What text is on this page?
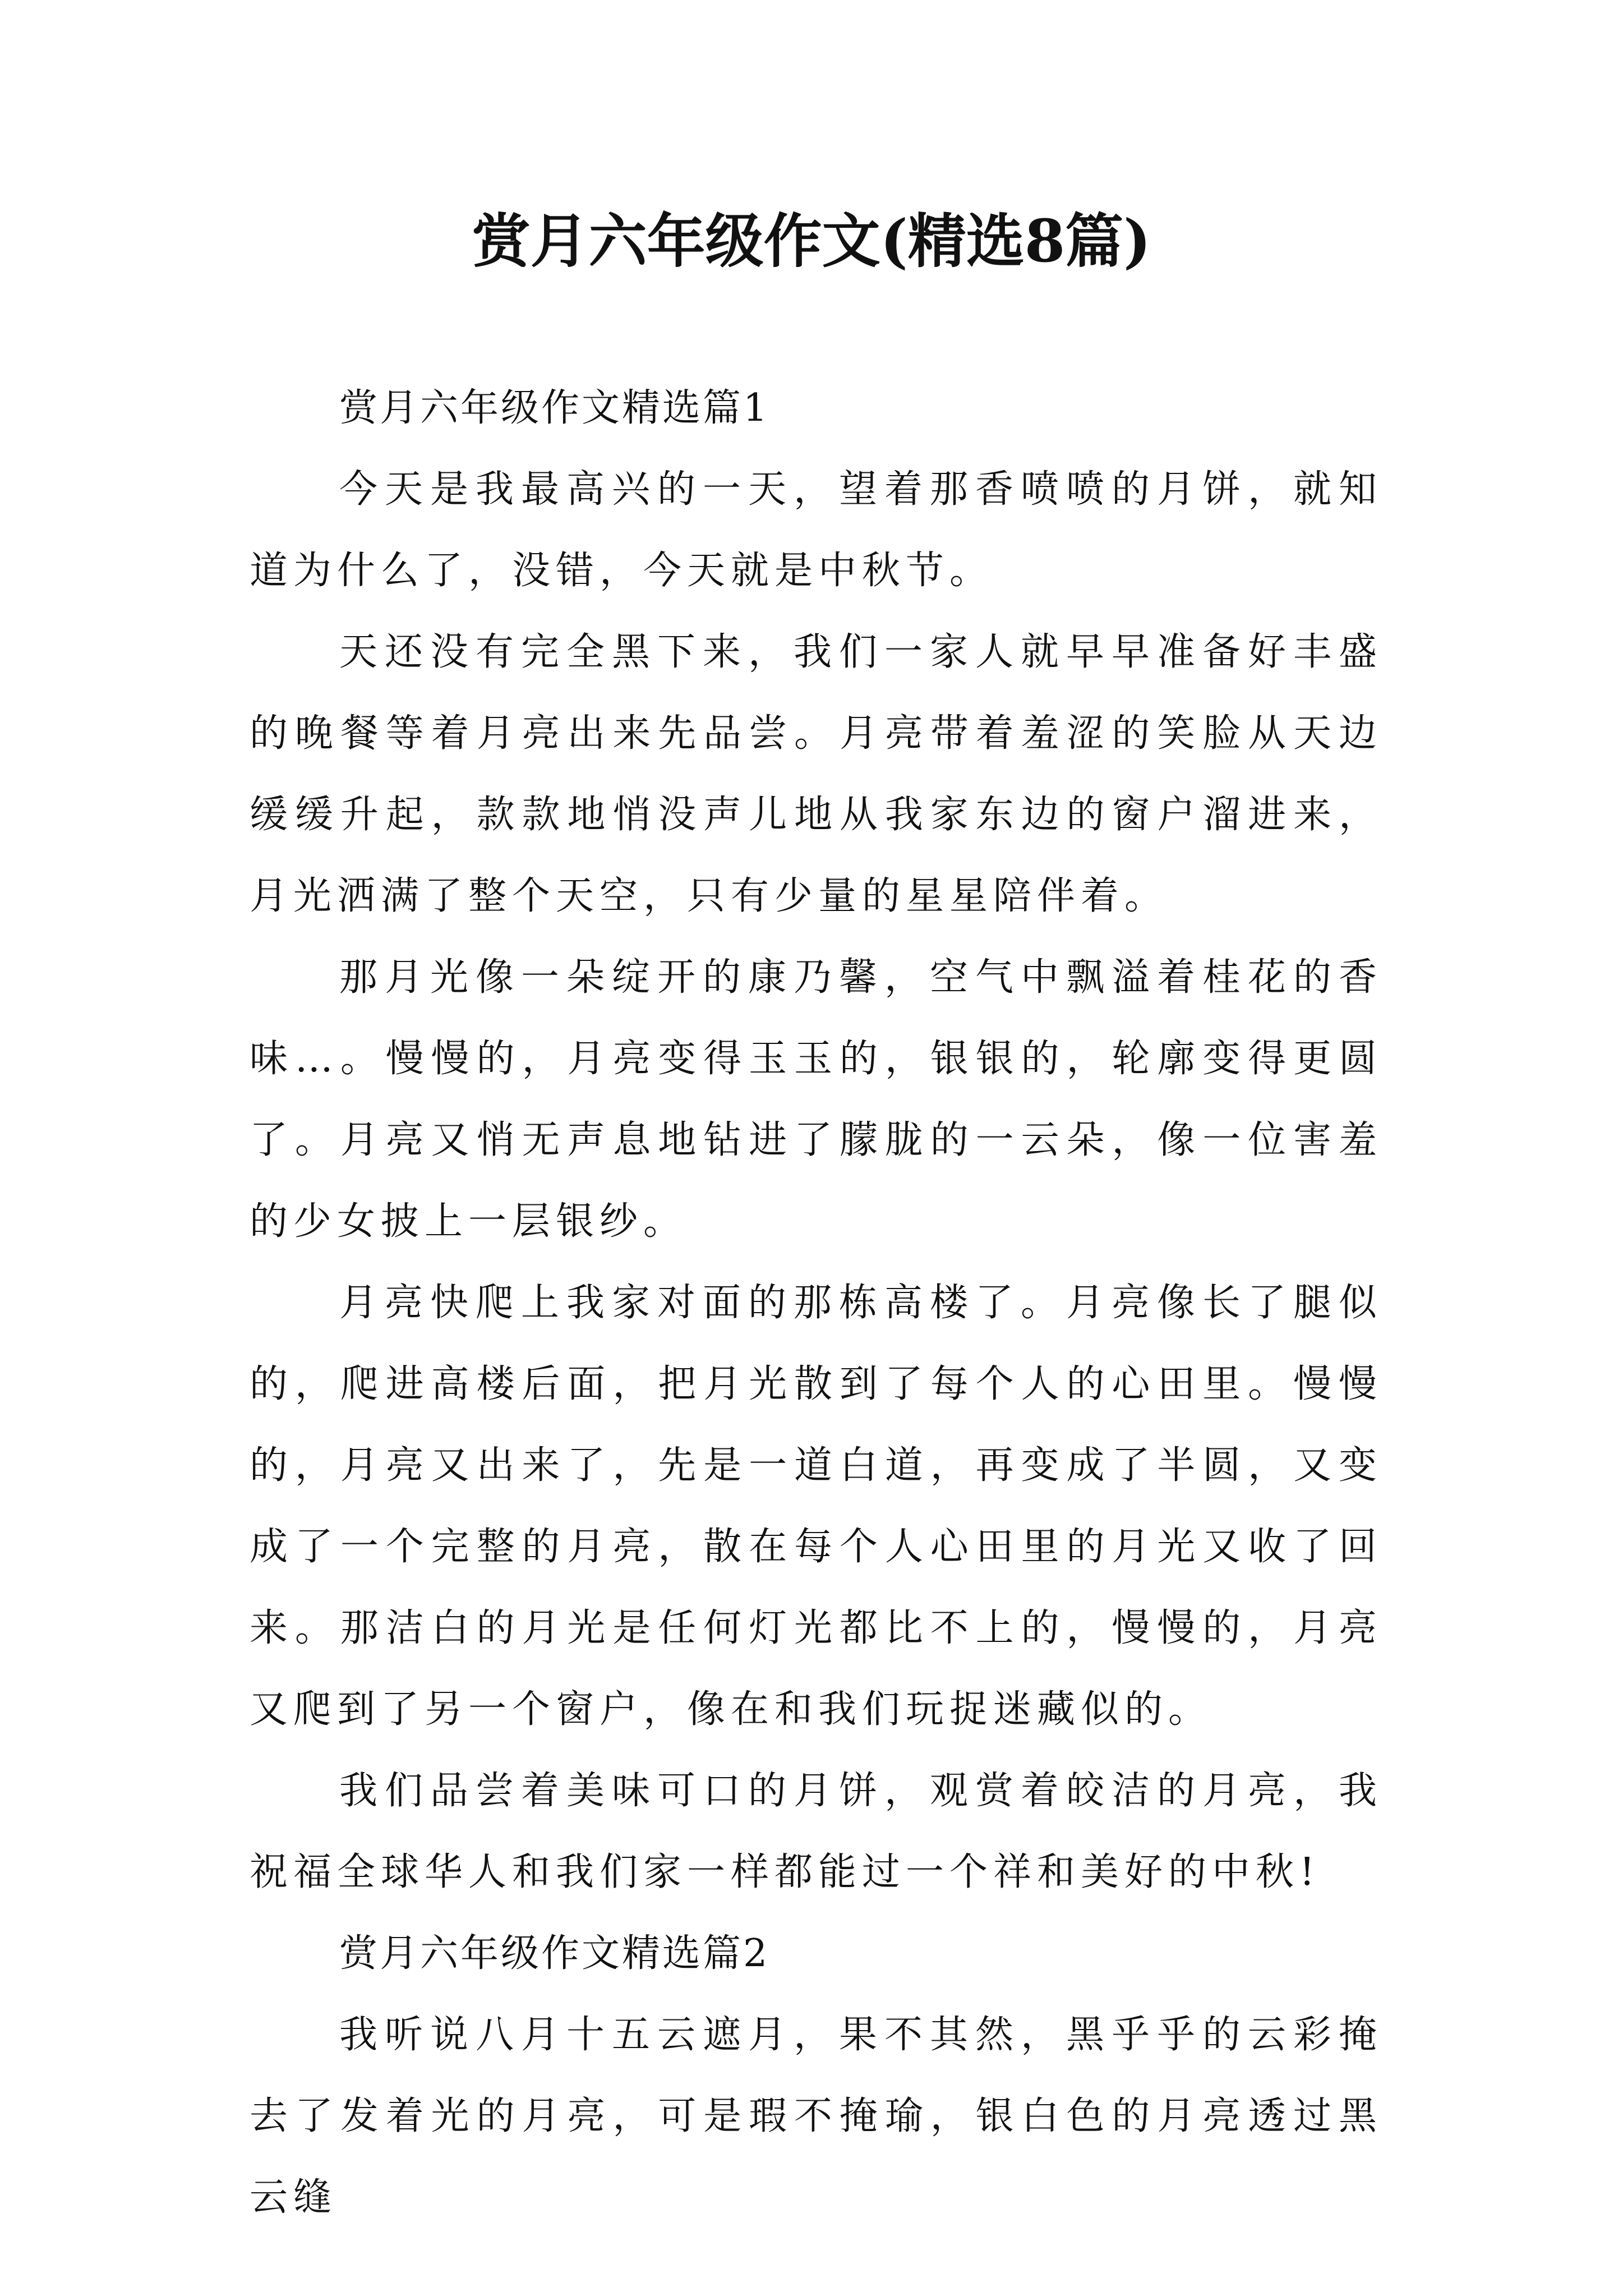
赏月六年级作文(精选8篇)

赏月六年级作文精选篇1

今天是我最高兴的一天，望着那香喷喷的月饼，就知道为什么了，没错，今天就是中秋节。

天还没有完全黑下来，我们一家人就早早准备好丰盛的晚餐等着月亮出来先品尝。月亮带着羞涩的笑脸从天边缓缓升起，款款地悄没声儿地从我家东边的窗户溜进来，月光洒满了整个天空，只有少量的星星陪伴着。

那月光像一朵绽开的康乃馨，空气中飘溢着桂花的香味…。慢慢的，月亮变得玉玉的，银银的，轮廓变得更圆了。月亮又悄无声息地钻进了朦胧的一云朵，像一位害羞的少女披上一层银纱。

月亮快爬上我家对面的那栋高楼了。月亮像长了腿似的，爬进高楼后面，把月光散到了每个人的心田里。慢慢的，月亮又出来了，先是一道白道，再变成了半圆，又变成了一个完整的月亮，散在每个人心田里的月光又收了回来。那洁白的月光是任何灯光都比不上的，慢慢的，月亮又爬到了另一个窗户，像在和我们玩捉迷藏似的。

我们品尝着美味可口的月饼，观赏着皎洁的月亮，我祝福全球华人和我们家一样都能过一个祥和美好的中秋!

赏月六年级作文精选篇2

我听说八月十五云遮月，果不其然，黑乎乎的云彩掩去了发着光的月亮，可是瑕不掩瑜，银白色的月亮透过黑云缝
